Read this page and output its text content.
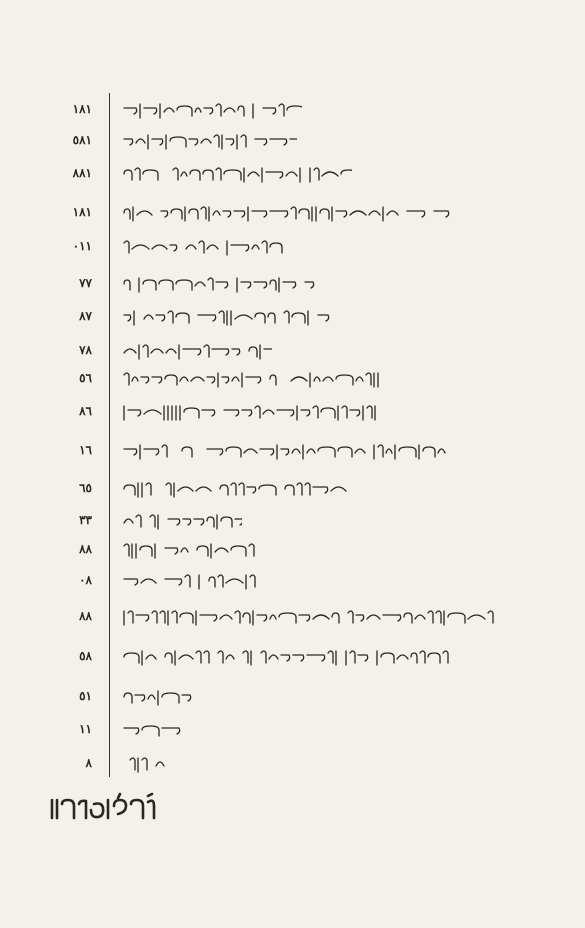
١٨١
٥٨١
٨٨١
١٨١
٠١١
٧٧
٨٧
٧٨
٥٦
٨٦
١٦
٦٥
٣٣
٨٨
٠٨
٨٨
٥٨
٥١
١١
٨
